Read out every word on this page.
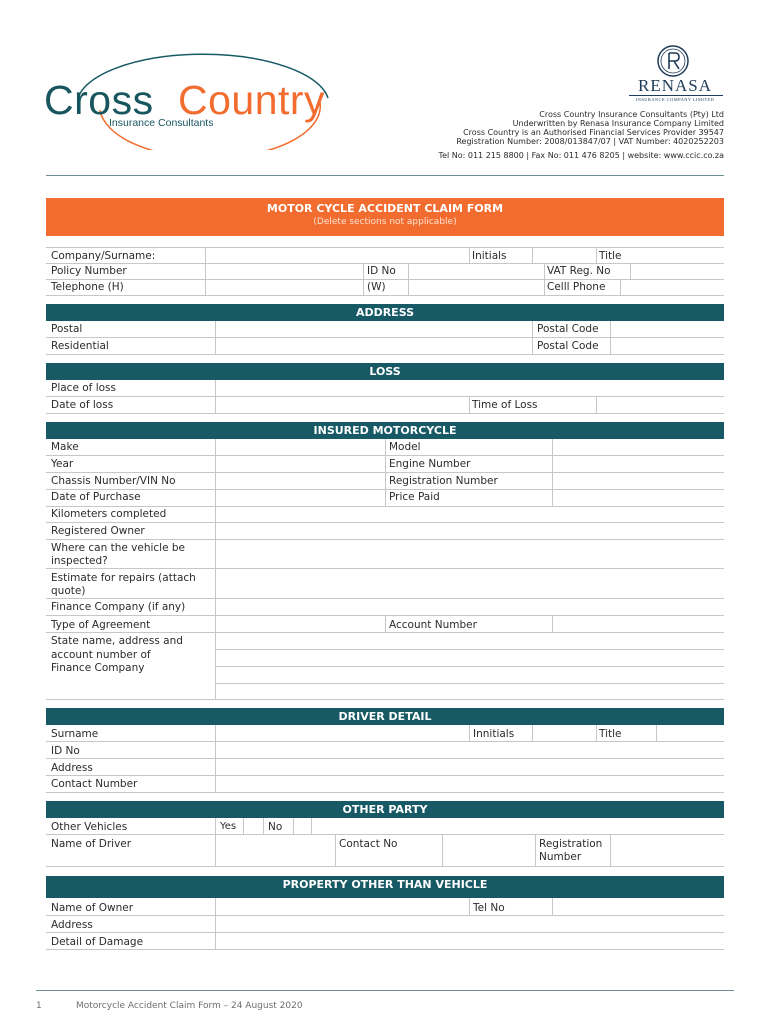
Cross Country
Insurance Consultants
RENASA
INSURANCE COMPANY LIMITED
Cross Country Insurance Consultants (Pty) Ltd
Underwritten by Renasa Insurance Company Limited
Cross Country is an Authorised Financial Services Provider 39547
Registration Number: 2008/013847/07 | VAT Number: 4020252203
Tel No: 011 215 8800 | Fax No: 011 476 8205 | website: www.ccic.co.za
MOTOR CYCLE ACCIDENT CLAIM FORM
(Delete sections not applicable)
Company/Surname:	Initials	Title
Policy Number	ID No	VAT Reg. No
Telephone (H)	(W)	Celll Phone
ADDRESS
Postal	Postal Code
Residential	Postal Code
LOSS
Place of loss
Date of loss	Time of Loss
INSURED MOTORCYCLE
Make	Model
Year	Engine Number
Chassis Number/VIN No	Registration Number
Date of Purchase	Price Paid
Kilometers completed
Registered Owner
Where can the vehicle be
inspected?
Estimate for repairs (attach
quote)
Finance Company (if any)
Type of Agreement	Account Number
State name, address and
account number of
Finance Company
DRIVER DETAIL
Surname	Innitials	Title
ID No
Address
Contact Number
OTHER PARTY
Other Vehicles	Yes	No
Name of Driver	Contact No	Registration
Number
PROPERTY OTHER THAN VEHICLE
Name of Owner	Tel No
Address
Detail of Damage
1	Motorcycle Accident Claim Form – 24 August 2020
